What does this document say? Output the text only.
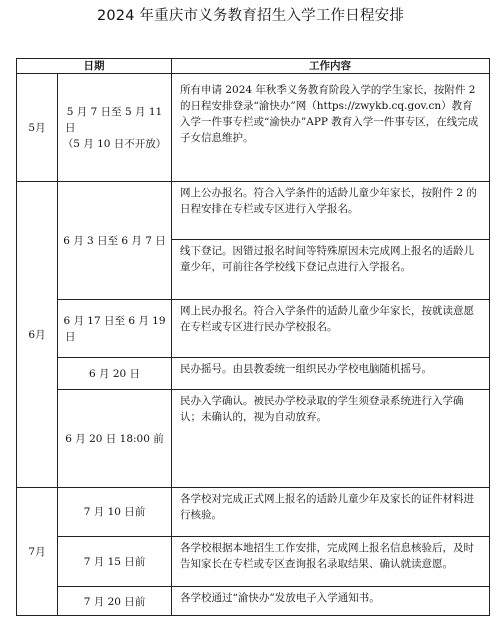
2024 年重庆市义务教育招生入学工作日程安排
日期	工作内容
5月
6月
7月
5 月 7 日至 5 月 11
日
（5 月 10 日不开放）
6 月 3 日至 6 月 7 日
6 月 17 日至 6 月 19
日
6 月 20 日
6 月 20 日 18:00 前
7 月 10 日前
7 月 15 日前
7 月 20 日前
所有申请 2024 年秋季义务教育阶段入学的学生家长，按附件 2 的日程安排登录“渝快办”网（https://zwykb.cq.gov.cn）教育入学一件事专栏或“渝快办”APP 教育入学一件事专区，在线完成子女信息维护。
网上公办报名。符合入学条件的适龄儿童少年家长，按附件 2 的日程安排在专栏或专区进行入学报名。
线下登记。因错过报名时间等特殊原因未完成网上报名的适龄儿童少年，可前往各学校线下登记点进行入学报名。
网上民办报名。符合入学条件的适龄儿童少年家长，按就读意愿在专栏或专区进行民办学校报名。
民办摇号。由县教委统一组织民办学校电脑随机摇号。
民办入学确认。被民办学校录取的学生须登录系统进行入学确认；未确认的，视为自动放弃。
各学校对完成正式网上报名的适龄儿童少年及家长的证件材料进行核验。
各学校根据本地招生工作安排，完成网上报名信息核验后，及时告知家长在专栏或专区查询报名录取结果、确认就读意愿。
各学校通过“渝快办”发放电子入学通知书。
